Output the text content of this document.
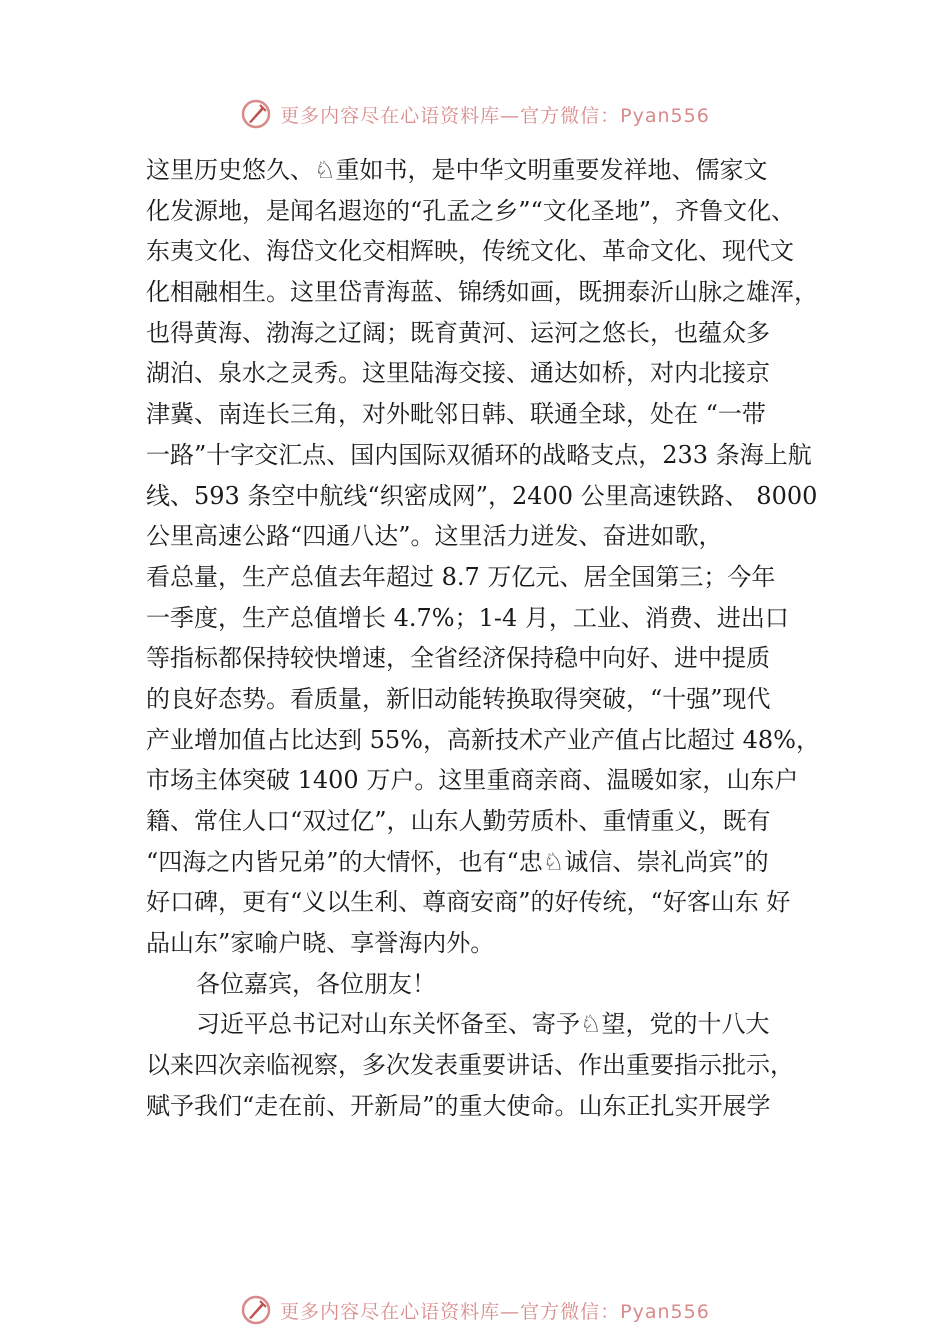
更多内容尽在心语资料库—官方微信：Pyan556
这里历史悠久、♘重如书，是中华文明重要发祥地、儒家文
化发源地，是闻名遐迩的“孔孟之乡”“文化圣地”，齐鲁文化、
东夷文化、海岱文化交相辉映，传统文化、革命文化、现代文
化相融相生。这里岱青海蓝、锦绣如画，既拥泰沂山脉之雄浑，
也得黄海、渤海之辽阔；既育黄河、运河之悠长，也蕴众多
湖泊、泉水之灵秀。这里陆海交接、通达如桥，对内北接京
津冀、南连长三角，对外毗邻日韩、联通全球，处在 “一带
一路”十字交汇点、国内国际双循环的战略支点，233 条海上航
线、593 条空中航线“织密成网”，2400 公里高速铁路、 8000
公里高速公路“四通八达”。这里活力迸发、奋进如歌，
看总量，生产总值去年超过 8.7 万亿元、居全国第三；今年
一季度，生产总值增长 4.7%；1-4 月，工业、消费、进出口
等指标都保持较快增速，全省经济保持稳中向好、进中提质
的良好态势。看质量，新旧动能转换取得突破，“十强”现代
产业增加值占比达到 55%，高新技术产业产值占比超过 48%，
市场主体突破 1400 万户。这里重商亲商、温暖如家，山东户
籍、常住人口“双过亿”，山东人勤劳质朴、重情重义，既有
“四海之内皆兄弟”的大情怀，也有“忠♘诚信、崇礼尚宾”的
好口碑，更有“义以生利、尊商安商”的好传统，“好客山东 好
品山东”家喻户晓、享誉海内外。
各位嘉宾，各位朋友！
习近平总书记对山东关怀备至、寄予♘望，党的十八大
以来四次亲临视察，多次发表重要讲话、作出重要指示批示，
赋予我们“走在前、开新局”的重大使命。山东正扎实开展学
更多内容尽在心语资料库—官方微信：Pyan556
